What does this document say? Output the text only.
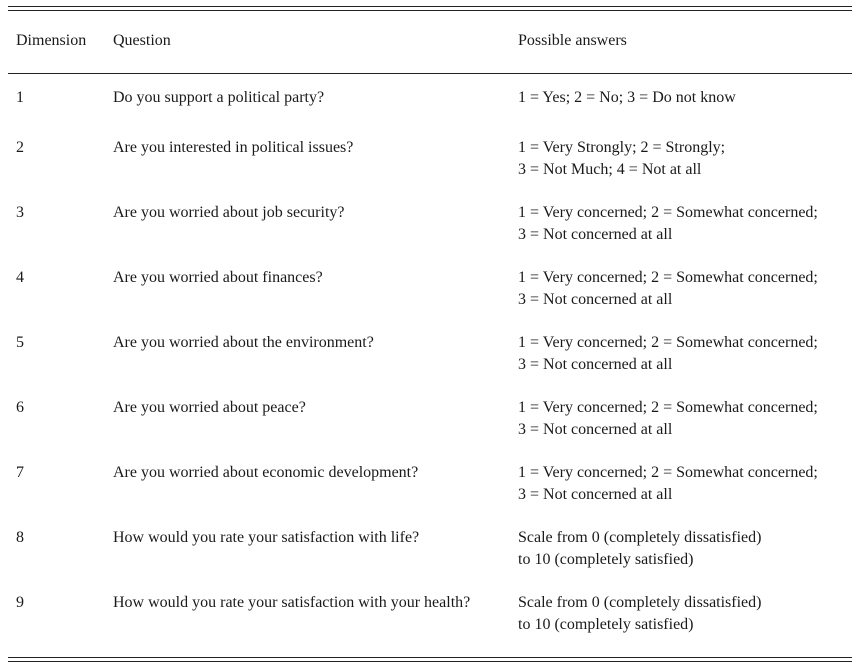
Dimension	Question	Possible answers
1	Do you support a political party?	1 = Yes; 2 = No; 3 = Do not know

2	Are you interested in political issues?	1 = Very Strongly; 2 = Strongly;
3 = Not Much; 4 = Not at all

3	Are you worried about job security?	1 = Very concerned; 2 = Somewhat concerned;
3 = Not concerned at all

4	Are you worried about finances?	1 = Very concerned; 2 = Somewhat concerned;
3 = Not concerned at all

5	Are you worried about the environment?	1 = Very concerned; 2 = Somewhat concerned;
3 = Not concerned at all

6	Are you worried about peace?	1 = Very concerned; 2 = Somewhat concerned;
3 = Not concerned at all

7	Are you worried about economic development?	1 = Very concerned; 2 = Somewhat concerned;
3 = Not concerned at all

8	How would you rate your satisfaction with life?	Scale from 0 (completely dissatisfied)
to 10 (completely satisfied)

9	How would you rate your satisfaction with your health?	Scale from 0 (completely dissatisfied)
to 10 (completely satisfied)
